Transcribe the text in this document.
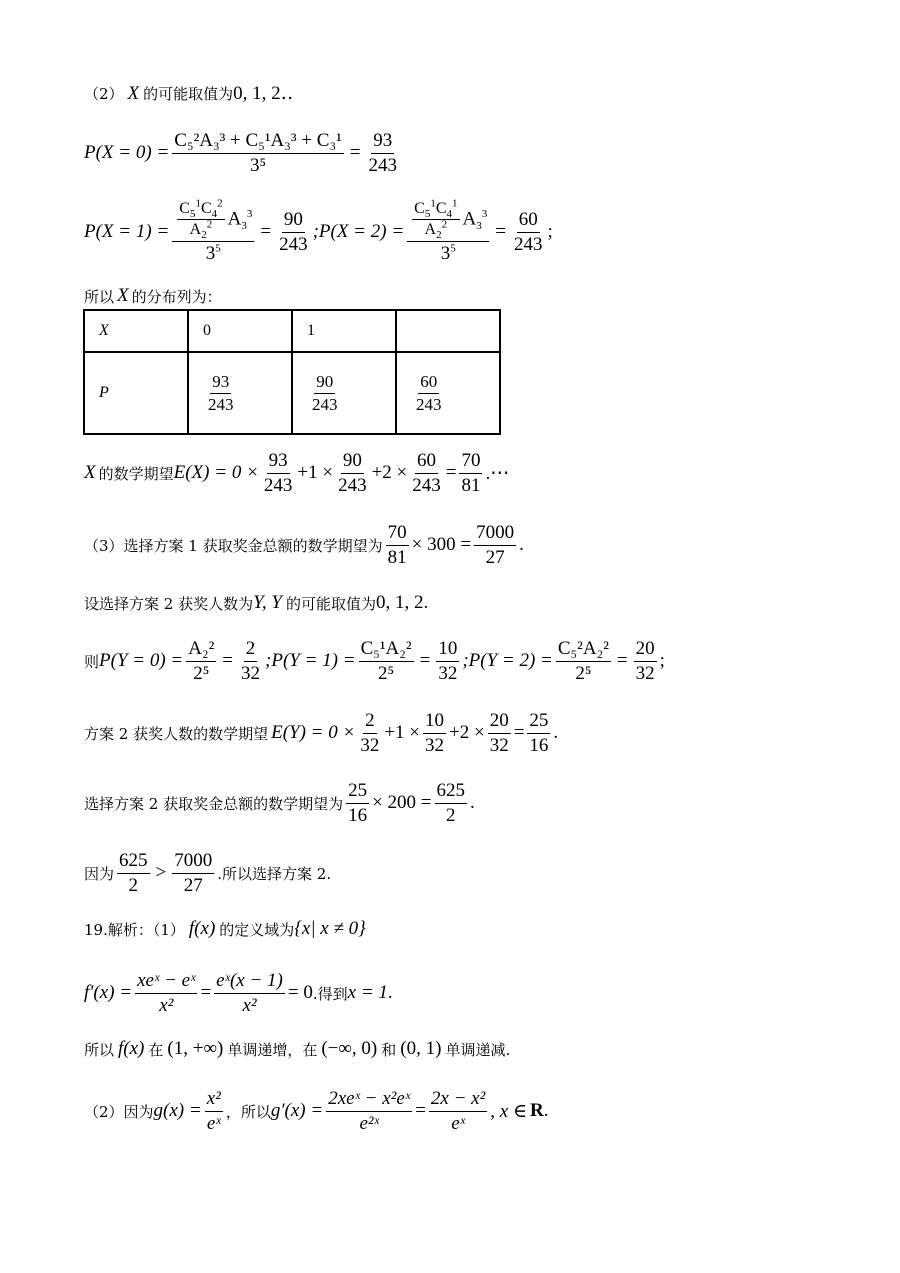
（2） X 的可能取值为 0, 1, 2‥
$P(X = 0) = \frac{\text{C₅²A₃³ + C₅¹A₃³ + C₃¹}}{\text{3⁵}} = \frac{93}{243}$
$P(X = 1) = \frac{\frac{C_5^1C_4^2}{A_2^2} A_3^3}{3^5} = \frac{90}{243}$ ;P(X = $2) = \frac{\frac{C_5^1C_4^1}{A_2^2} A_3^3}{3^5} = \frac{60}{243}$ ;
所以 X 的分布列为：
X	0	1	
P	$\frac{93}{243}$	$\frac{90}{243}$	$\frac{60}{243}$
X 的数学期望 $E(X) = 0 \times \frac{93}{243} +1 \times \frac{90}{243} +2 \times \frac{60}{243} = \frac{70}{81}$ .⋯
（3）选择方案 1 获取奖金总额的数学期望为 $\frac{70}{81} \times 300 = \frac{7000}{27}$ .
设选择方案 2 获奖人数为 Y, Y 的可能取值为 0, 1, 2 .
则 $P(Y = 0) = \frac{\text{A₂²}}{\text{2⁵}} = \frac{2}{32}$ ;P(Y = $1) = \frac{\text{C₅¹A₂²}}{\text{2⁵}} = \frac{10}{32}$ ;P(Y = $2) = \frac{\text{C₅²A₂²}}{\text{2⁵}} = \frac{20}{32}$ ;
方案 2 获奖人数的数学期望 $E(Y) = 0 \times \frac{2}{32} +1 \times \frac{10}{32} +2 \times \frac{20}{32} = \frac{25}{16}$ .
选择方案 2 获取奖金总额的数学期望为 $\frac{25}{16} \times 200 = \frac{625}{2}$ .
因为 $\frac{625}{2} > \frac{7000}{27}$ .所以选择方案 2.
19.解析：（1） f(x) 的定义域为 {x| x ≠ 0}
$f'(x) = \frac{\text{xeˣ − eˣ}}{\text{x²}} = \frac{\text{eˣ(x − 1)}}{\text{x²}} = 0$ .得到 x = 1 .
所以 f(x) 在 (1, +∞) 单调递增，在 (−∞, 0) 和 (0, 1) 单调递减.
（2）因为 $g(x) = \frac{\text{x²}}{\text{eˣ}}$ ，所以 $g'(x) = \frac{\text{2xeˣ − x²eˣ}}{\text{e²ˣ}} = \frac{\text{2x − x²}}{\text{eˣ}}$ , x ∈ R .
